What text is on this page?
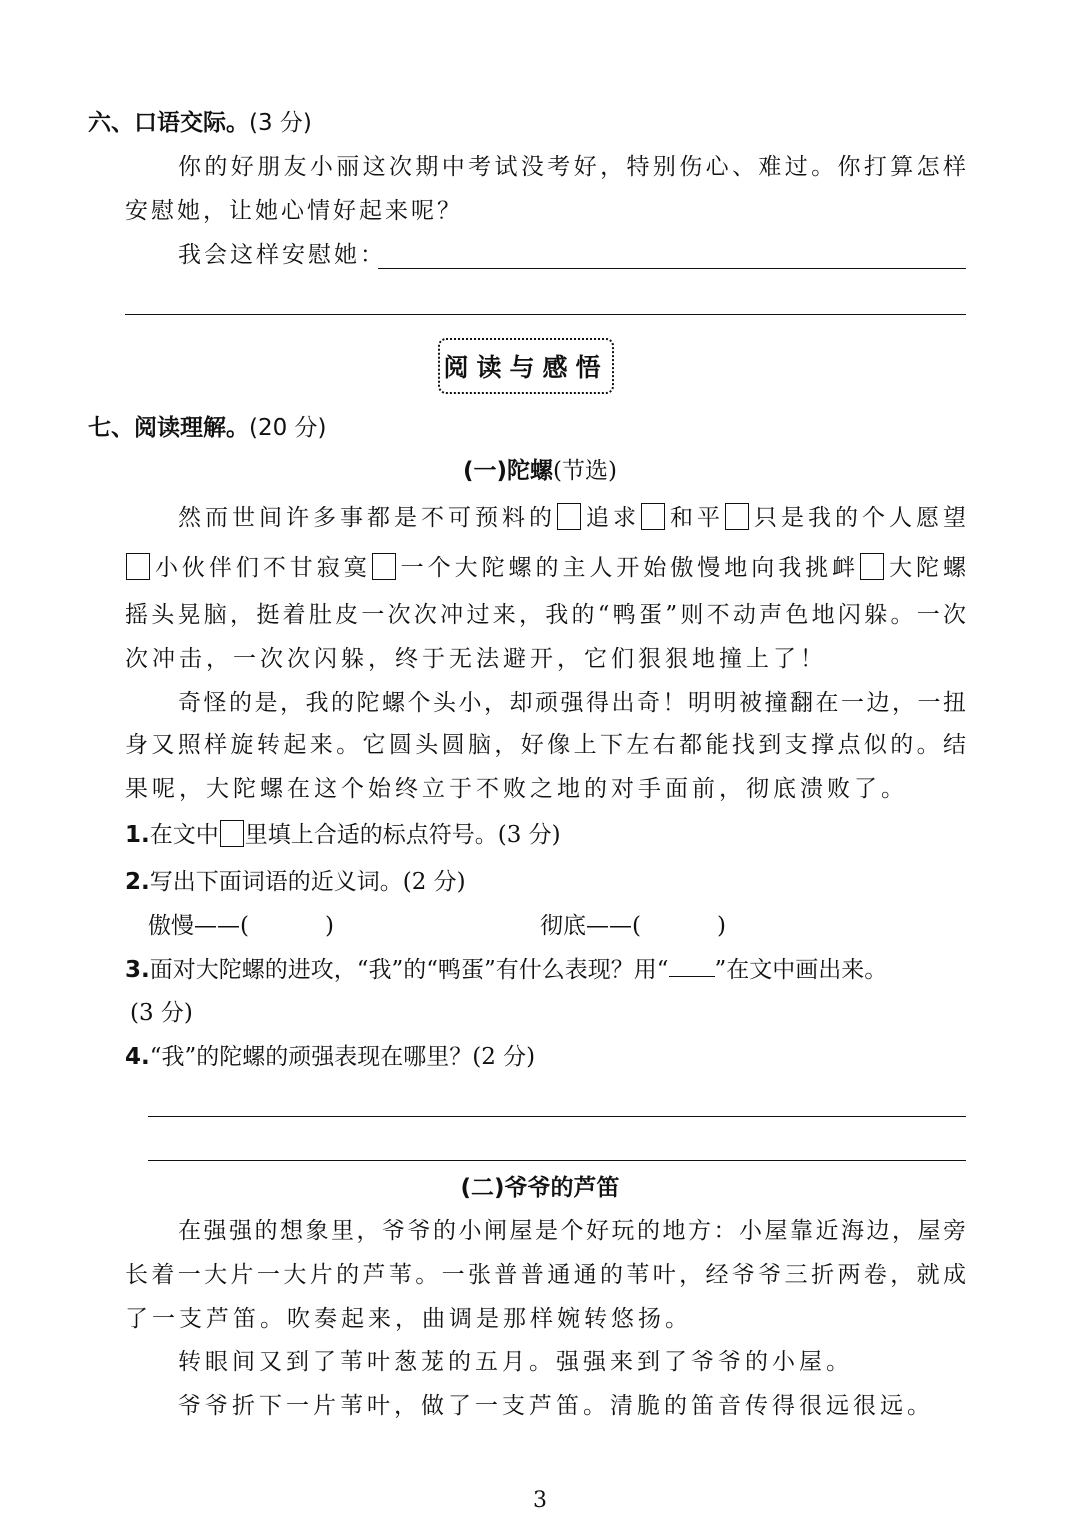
六、口语交际。(3 分)
你的好朋友小丽这次期中考试没考好，特别伤心、难过。你打算怎样
安慰她，让她心情好起来呢？
我会这样安慰她：
阅读与感悟
七、阅读理解。(20 分)
(一)陀螺(节选)
然而世间许多事都是不可预料的 追求 和平 只是我的个人愿望
小伙伴们不甘寂寞 一个大陀螺的主人开始傲慢地向我挑衅 大陀螺
摇头晃脑，挺着肚皮一次次冲过来，我的“鸭蛋”则不动声色地闪躲。一次
次冲击，一次次闪躲，终于无法避开，它们狠狠地撞上了！
奇怪的是，我的陀螺个头小，却顽强得出奇！明明被撞翻在一边，一扭
身又照样旋转起来。它圆头圆脑，好像上下左右都能找到支撑点似的。结
果呢，大陀螺在这个始终立于不败之地的对手面前，彻底溃败了。
1.在文中 里填上合适的标点符号。(3 分)
2.写出下面词语的近义词。(2 分)
傲慢——(	)	彻底——(	)
3.面对大陀螺的进攻，“我”的“鸭蛋”有什么表现？用“ ”在文中画出来。
(3 分)
4.“我”的陀螺的顽强表现在哪里？(2 分)
(二)爷爷的芦笛
在强强的想象里，爷爷的小闸屋是个好玩的地方：小屋靠近海边，屋旁
长着一大片一大片的芦苇。一张普普通通的苇叶，经爷爷三折两卷，就成
了一支芦笛。吹奏起来，曲调是那样婉转悠扬。
转眼间又到了苇叶葱茏的五月。强强来到了爷爷的小屋。
爷爷折下一片苇叶，做了一支芦笛。清脆的笛音传得很远很远。
3
